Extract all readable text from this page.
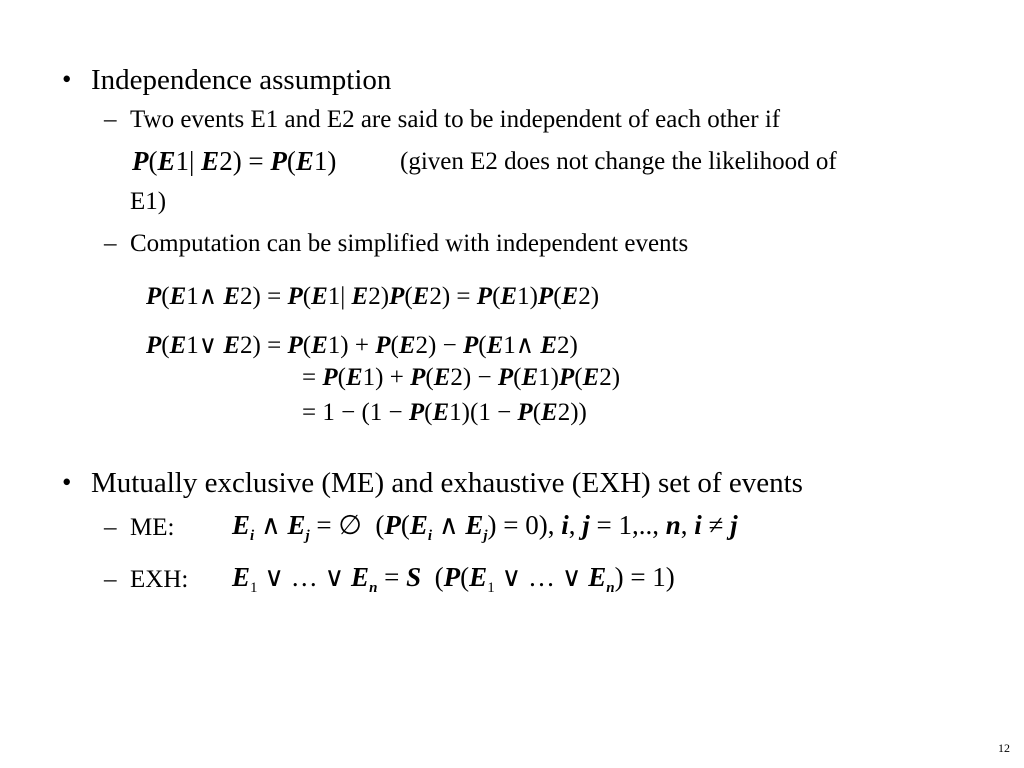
• Independence assumption
– Two events E1 and E2 are said to be independent of each other if
P(E1| E2) = P(E1)	(given E2 does not change the likelihood of
E1)
– Computation can be simplified with independent events
P(E1∧ E2) = P(E1| E2)P(E2) = P(E1)P(E2)
P(E1∨ E2) = P(E1) + P(E2) − P(E1∧ E2)
= P(E1) + P(E2) − P(E1)P(E2)
= 1 − (1 − P(E1)(1 − P(E2))
• Mutually exclusive (ME) and exhaustive (EXH) set of events
– ME: $E_i$ ∧ $E_j$ = ∅  ($P(E_i$ ∧ $E_j) = 0$), i, j = 1,.., n, i ≠ j
– EXH: $E_1$ ∨ … ∨ $E_n = S$  ($P(E_1$ ∨ … ∨ $E_n) = 1$)
12
